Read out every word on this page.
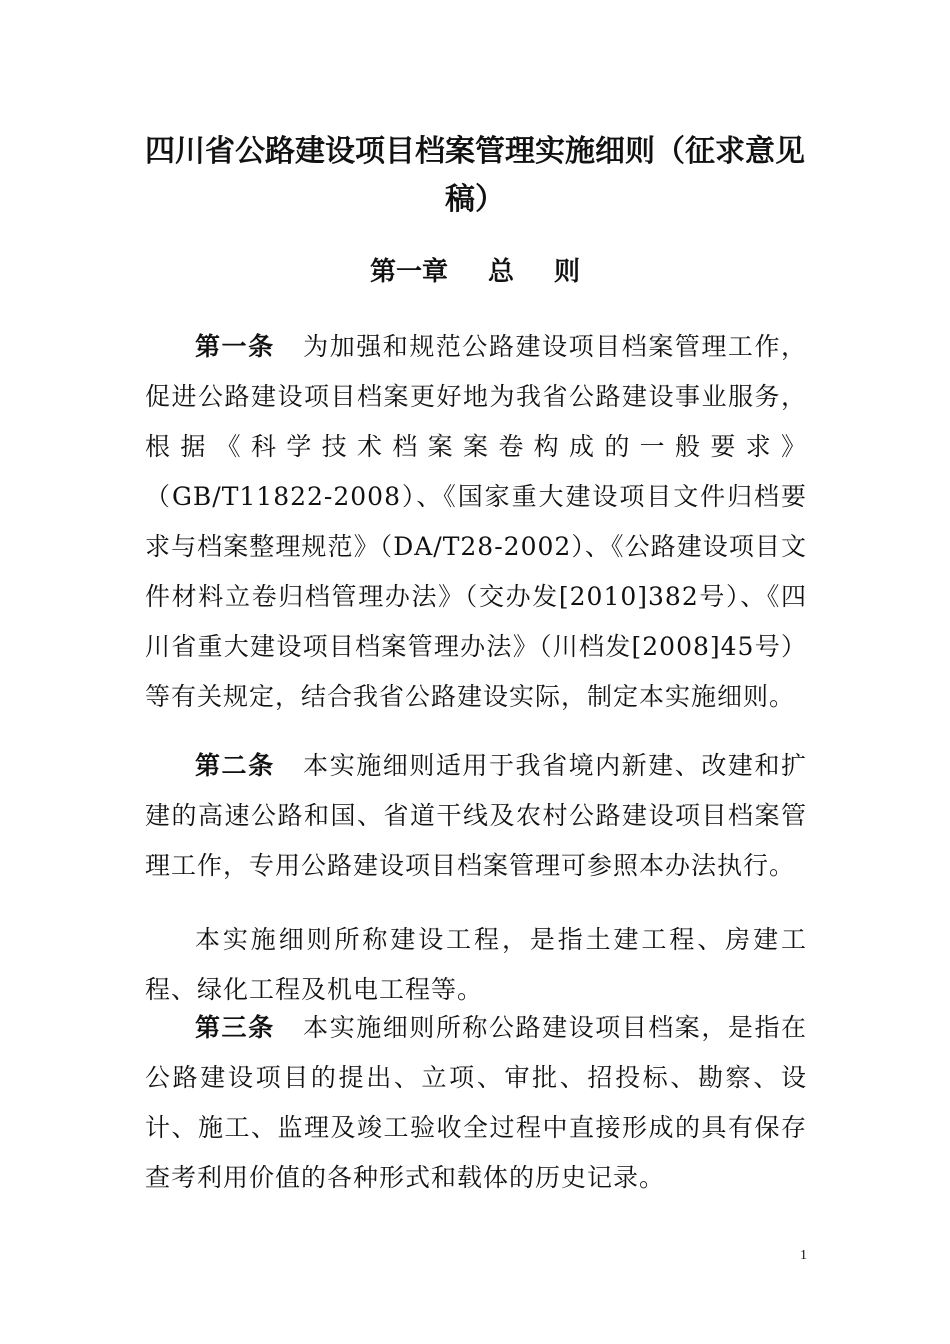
四川省公路建设项目档案管理实施细则（征求意见稿）
第一章 总 则

第一条 为加强和规范公路建设项目档案管理工作，促进公路建设项目档案更好地为我省公路建设事业服务，根据《科学技术档案案卷构成的一般要求》（GB/T11822-2008）、《国家重大建设项目文件归档要求与档案整理规范》（DA/T28-2002）、《公路建设项目文件材料立卷归档管理办法》（交办发[2010]382号）、《四川省重大建设项目档案管理办法》（川档发[2008]45号）等有关规定，结合我省公路建设实际，制定本实施细则。

第二条 本实施细则适用于我省境内新建、改建和扩建的高速公路和国、省道干线及农村公路建设项目档案管理工作，专用公路建设项目档案管理可参照本办法执行。

本实施细则所称建设工程，是指土建工程、房建工程、绿化工程及机电工程等。

第三条 本实施细则所称公路建设项目档案，是指在公路建设项目的提出、立项、审批、招投标、勘察、设计、施工、监理及竣工验收全过程中直接形成的具有保存查考利用价值的各种形式和载体的历史记录。

1
